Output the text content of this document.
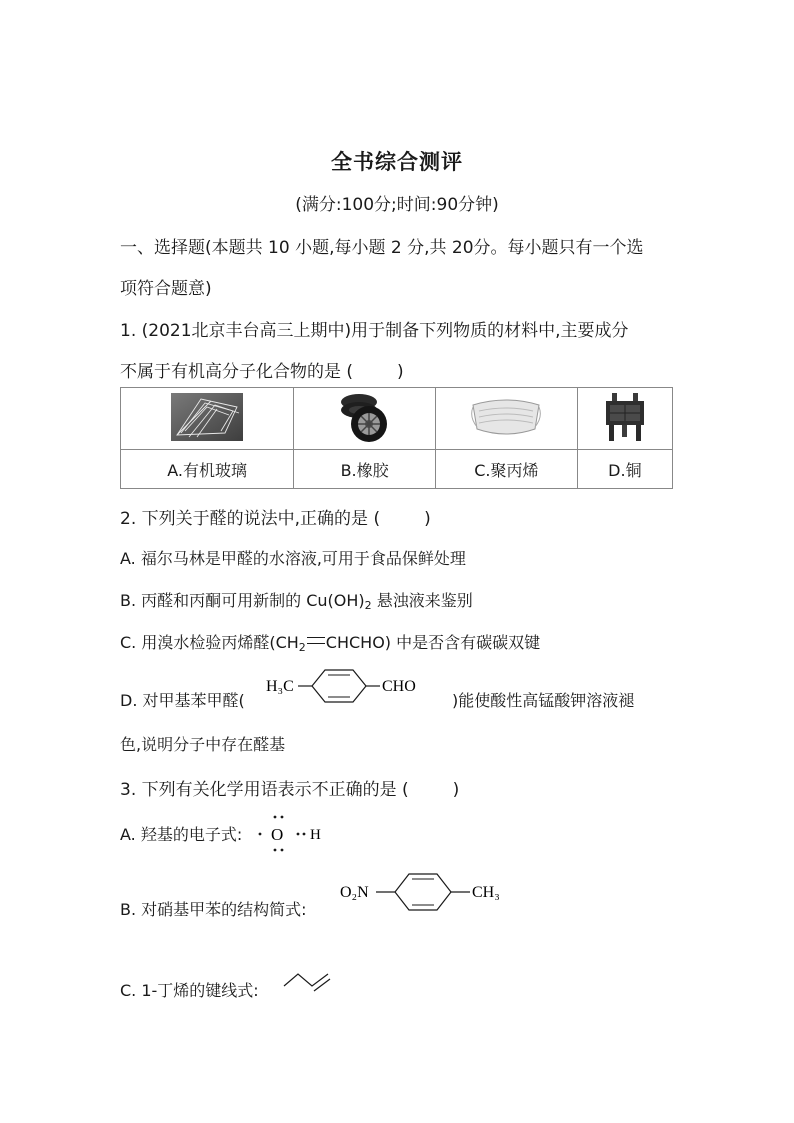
全书综合测评
(满分:100分;时间:90分钟)
一、选择题(本题共 10 小题,每小题 2 分,共 20分。每小题只有一个选
项符合题意)
1. (2021北京丰台高三上期中)用于制备下列物质的材料中,主要成分
不属于有机高分子化合物的是 (	)

A.有机玻璃	B.橡胶	C.聚丙烯	D.铜
2. 下列关于醛的说法中,正确的是 (	)
A. 福尔马林是甲醛的水溶液,可用于食品保鲜处理
B. 丙醛和丙酮可用新制的 $Cu(OH)_2$ 悬浊液来鉴别
C. 用溴水检验丙烯醛($CH_2$ CHCHO) 中是否含有碳碳双键
D. 对甲基苯甲醛(
H₃C	CHO
)能使酸性高锰酸钾溶液褪
色,说明分子中存在醛基
3. 下列有关化学用语表示不正确的是 (	)
A. 羟基的电子式: O H
B. 对硝基甲苯的结构简式:
O₂N	CH₃
C. 1-丁烯的键线式:
